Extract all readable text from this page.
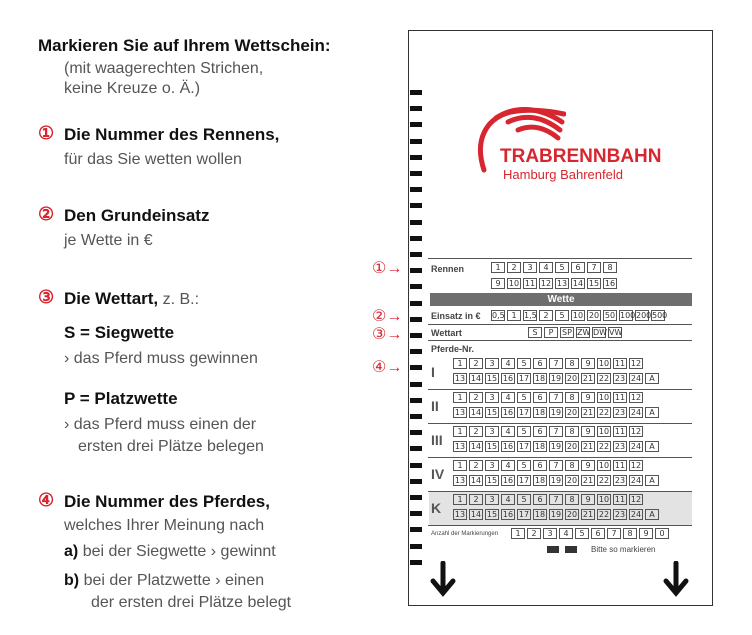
Markieren Sie auf Ihrem Wettschein:
(mit waagerechten Strichen,
keine Kreuze o. Ä.)
① Die Nummer des Rennens,
für das Sie wetten wollen
② Den Grundeinsatz
je Wette in €
③ Die Wettart, z. B.:
S = Siegwette
› das Pferd muss gewinnen
P = Platzwette
› das Pferd muss einen der
ersten drei Plätze belegen
④ Die Nummer des Pferdes,
welches Ihrer Meinung nach
a) bei der Siegwette › gewinnt
b) bei der Platzwette › einen
der ersten drei Plätze belegt
TRABRENNBAHN
Hamburg Bahrenfeld
①→
②→
③→
④→
Rennen	1	2	3	4	5	6	7	8
9	10 11 12 13 14 15 16
Wette
Einsatz in € 0,5 1 1,5 2	5	10 20 50 100 200 500
Wettart	S	P	SP ZW DW VW
Pferde-Nr.
I
1	2	3	4	5	6	7	8	9	10 11 12
13 14 15 16 17 18 19 20 21 22 23 24	A
II
1	2	3	4	5	6	7	8	9	10 11 12
13 14 15 16 17 18 19 20 21 22 23 24	A
III
1	2	3	4	5	6	7	8	9	10 11 12
13 14 15 16 17 18 19 20 21 22 23 24	A
IV
1	2	3	4	5	6	7	8	9	10 11 12
13 14 15 16 17 18 19 20 21 22 23 24	A
K
1	2	3	4	5	6	7	8	9	10 11 12
13 14 15 16 17 18 19 20 21 22 23 24	A
Anzahl der Markierungen	1	2	3	4	5	6	7	8	9	0
Bitte so markieren
